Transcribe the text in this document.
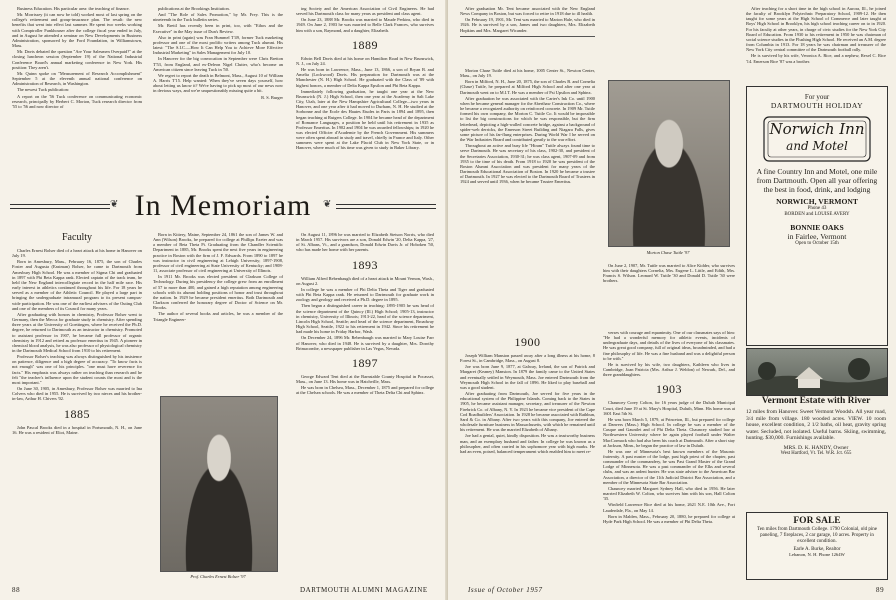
Business Education. His particular area: the teaching of finance.

Mr. Morrissey (it can now be told) worked most of last spring on the college's retirement and group-insurance plan. The result: the new benefits that went into effect last summer. He spent two weeks working with Comptroller Funkhouser after the college fiscal year ended in July, and in August he attended a seminar on New Developments in Business Administration, sponsored by the Ford Foundation, in Williamstown, Mass.

Mr. Davis debated the question "Are Your Salesmen Overpaid?" at the closing luncheon session (September 19) of the National Industrial Conference Board's annual marketing conference in New York. His position: They aren't.

Mr. Quinn spoke on "Measurement of Research Accomplishment" September 5 at the eleventh annual national conference on Administration of Research, in Washington.

The newest Tuck publication:

A report on the '56 Tuck conference on communicating economic research, principally by Herbert C. Morton, Tuck research director from '55 to '56 and now director of

publications at the Brookings Institution.

And "The Role of Sales Promotion," by Mr. Frey. This is the nineteenth in the Tuck bulletin series.

Mr. Brettl has recently been in print, too, with "Ethos and the Executive" in the May issue of Dun's Review.

Also in print (again) was Fran Hummel T'49, former Tuck marketing professor and one of the most prolific writers among Tuck alumni. His latest: "The S.I.C.—How It Can Help You to Achieve More Effective Industrial Marketing" in Sales Management for July 10.

In Hanover for the big convocation in September were Chris Bretton T'53, from England, and ex-Deleon Nigel Clutter, who's become an American citizen since leaving Tuck in '50.

We regret to report the death in Belmont, Mass., August 10 of William A. Harris T'15. Help wanted: When they've seven days yourself, how about letting us know it? We're having to pick up most of our news now in devious ways, and we're unquestionably missing quite a bit.

R. S. Burger

ing Society and the American Association of Civil Engineers. He had served his Dartmouth class for many years as president and class agent.

On June 23, 1888 Mr. Brooks was married to Maude Perkins, who died in 1949. On June 2, 1903 he was married to Belle Clark Frances, who survives him with a son, Raymond, and a daughter, Elizabeth.

1889

Edwin Bell Davis died at his home on Hamilton Road in New Brunswick, N. J., on July 24.

He was born in Lawrence, Mass., June 13, 1866, a son of Bryan B. and Amelia (Lockwood) Davis. His preparation for Dartmouth was at the Manchester (N. H.) High School. He graduated with the Class of '89 with highest honors, a member of Delta Kappa Epsilon and Phi Beta Kappa.

Immediately following graduation, he taught one year at the New Brunswick (N. J.) High School, then one year at the Academy in Salt Lake City, Utah, later at the New Hampshire Agricultural College—two years in Hanover, and one year after it had moved to Durham, N. H. He studied at the Sorbonne and the Ecole des Hautes Etudes in Paris in 1894 and 1895, then began teaching at Rutgers College. In 1904 he became head of the department of Romance Languages, a position he held until his retirement in 1935 as Professor Emeritus. In 1902 and 1904 he was awarded fellowships; in 1920 he was elected Officier d'Academie by the French Government. His summers were often spent abroad in study and travel, chiefly in France and Italy. Other summers were spent at the Lake Placid Club in New York State, or in Hanover, where much of his time was given to study in Baker Library.

❦ In Memoriam	❦
Faculty

Charles Ernest Bolser died of a heart attack at his home in Hanover on July 19.

Born in Amesbury, Mass., February 16, 1875, the son of Charles Foster and Augusta (Eastman) Bolser, he came to Dartmouth from Amesbury High School. He was a member of Sigma Chi and graduated in 1897 with Phi Beta Kappa rank. Elected captain of the track team, he held the New England intercollegiate record in the half mile race. His early interest in athletics continued throughout his life. For 18 years he served as a member of the Athletic Council. He played a large part in bringing the undergraduate intramural program to its present campus-wide participation. He was one of the earliest advisers of the Outing Club and one of the members of its Council for many years.

After graduating with honors in chemistry, Professor Bolser went to Germany, then the Mecca for graduate study in chemistry. After spending three years at the University of Goettingen, where he received the Ph.D. degree, he returned to Dartmouth as an instructor in chemistry. Promoted to assistant professor in 1907, he became full professor of organic chemistry in 1912 and retired as professor emeritus in 1945. A pioneer in chemical blood analysis, he was also professor of physiological chemistry in the Dartmouth Medical School from 1910 to his retirement.

Professor Bolser's teaching was always distinguished by his insistence on patience, diligence and a high degree of accuracy. "To know facts is not enough" was one of his principles. "one must have reverence for facts." His emphasis was always rather on teaching than research and he felt "the teacher's influence upon the student counts the most and is the most important."

On June 30, 1905, in Amesbury, Professor Bolser was married to Ina Colvers who died in 1955. He is survived by two nieces and his brother-in-law, Arthur H. Chivers '02.

1885

John Pascal Brooks died in a hospital in Portsmouth, N. H., on June 16. He was a resident of Eliot, Maine.

Born in Kittery, Maine, September 24, 1861 the son of James W. and Ann (Wilson) Brooks, he prepared for college at Phillips Exeter and was a member of Beta Theta Pi. Graduating from the Chandler Scientific Department in 1885, Mr. Brooks spent the next five years in engineering practice in Boston with the firm of J. F. Edwards. From 1890 to 1897 he was instructor in civil engineering at Lehigh University; 1897-1908, professor of civil engineering at State University of Kentucky; and 1908-11, associate professor of civil engineering at University of Illinois.

In 1911 Mr. Brooks was elected president of Clarkson College of Technology. During his presidency the college grew from an enrollment of 57 to more than 400, and gained a high reputation among engineering schools with its alumni holding positions of honor and trust throughout the nation. In 1929 he became president emeritus. Both Dartmouth and Clarkson conferred the honorary degree of Doctor of Science on Mr. Brooks.

The author of several books and articles, he was a member of the Triangle Engineer-

Prof. Charles Ernest Bolser '97

On August 11, 1896 he was married to Elizabeth Stetson Norris, who died in March 1957. His survivors are a son, Donald Edwin '20, Delta Kappa, '27, of St. Albans, Vt., and a grandson, Donald Edwin Davis Jr. of Hoboken '50, who has made her home with her parents.

1893

William Alfred Rebenbaugh died of a heart attack in Mount Vernon, Wash., on August 2.

In college he was a member of Phi Delta Theta and Tiger and graduated with Phi Beta Kappa rank. He returned to Dartmouth for graduate work in zoology and geology and received a Ph.D. degree in 1895.

Then began a distinguished career in teaching: 1895-1905 he was head of the science department of the Quincy (Ill.) High School; 1905-13, instructor in chemistry, University of Illinois; 1913-22, head of the science department, Lincoln High School, Seattle; and head of the science department, Broadway High School, Seattle, 1922 to his retirement in 1942. Since his retirement he had made his home in Friday Harbor, Wash.

On December 24, 1896 Mr. Rebenbaugh was married to Mary Louise Farr of Hanover, who died in 1948. He is survived by a daughter, Mrs. Dorothy Brimacombe, a newspaper publisher in Las Vegas, Nevada.

1897

George Edward Tent died at the Barnstable County Hospital in Pocasset, Mass., on June 13. His home was in Hatchville, Mass.

He was born in Chelsea, Mass., December 1, 1875 and prepared for college at the Chelsea schools. He was a member of Theta Delta Chi and Sphinx.

88	DARTMOUTH ALUMNI MAGAZINE

After graduation Mr. Tent became associated with the New England News Company in Boston, but was forced to retire in 1918 due to ill health.

On February 19, 1901, Mr. Tent was married to Marion Hale, who died in 1926. He is survived by a son, James and two daughters, Mrs. Elizabeth Hopkins and Mrs. Margaret Wicander.

Morton Chase Tuttle died at his home, 1005 Center St., Newton Center, Mass., on July 19.

Born in Milford, N. H., June 20, 1875, the son of Charles B. and Cornelia (Chase) Tuttle, he prepared at Milford High School and after one year at Dartmouth went on to M.I.T. He was a member of Psi Upsilon and Sphinx.

After graduation he was associated with the Carter's Ink Co. until 1900 when he became general manager for the Aberthaw Construction Co., where he became a recognized authority on reinforced concrete. In 1909 Mr. Tuttle formed his own company, the Morton C. Tuttle Co. It would be impossible to list the big constructions for which he was responsible, but the firm letterhead, depicting a high-walled concrete bridge, against a background of spider-web derricks, the Emerson Street Building and Niagara Falls, gives some picture of his far-flung enterprises. During World War I he served on the War Industries Board and contributed greatly to the war effort.

Throughout an active and busy life "Hiram" Tuttle always found time to serve Dartmouth. He was secretary of his class, 1902-30, and president of the Secretaries Association, 1930-31; he was class agent, 1907-09 and from 1935 to the time of his death. From 1918 to 1920 he was president of the Boston Alumni Association and was president for many years of the Dartmouth Educational Association of Boston. In 1920 he became a trustee of Dartmouth. In 1927 he was elected to the Dartmouth Board of Trustees in 1924 and served until 1936, when he became Trustee Emeritus.

Morton Chase Tuttle '97

On June 2, 1907, Mr. Tuttle was married to Alice Kidder, who survives him with their daughters Cornelia, Mrs. Eugene L. Little, and Edith, Mrs. Francis S. Wilson. Leonard W. Tuttle '30 and Donald D. Tuttle '30 were brothers.

1900

Joseph William Mansion passed away after a long illness at his home, 8 Forest St., in Cambridge, Mass., on August 8.

Joe was born June 9, 1877, at Galway, Ireland, the son of Patrick and Margaret (Keaney) Mansion. In 1879 the family came to the United States and eventually settled in Weymouth, Mass. Joe entered Dartmouth from the Weymouth High School in the fall of 1896. He liked to play baseball and was a good student.

After graduating from Dartmouth, Joe served for five years in the educational system of the Philippine Islands. Coming back to the States in 1905, he became assistant manager, secretary, and treasurer of the Newton Firebrick Co. of Albany, N. Y. In 1923 he became vice president of the Cape Cod Roadbuilders' Association. In 1928 he became associated with Rathbun, Sard & Co. in Albany. After two years with this company, Joe entered the wholesale furniture business in Massachusetts, with which he remained until his retirement. He was the married Elizabeth of Albany.

Joe had a genial, quiet, kindly disposition. He was a trustworthy business man, and an exemplary husband and father. In college he was known as a philosopher, and often carried in his sophomore year with high marks. He had an even, poised, balanced temperament which enabled him to meet re-

verses with courage and equanimity. One of our classmates says of him: "He had a wonderful memory for athletic events, incidents of undergraduate days, and details of the lives of everyone of his classmates. He was great good company, full of original ideas, broadminded, and had a fine philosophy of life. He was a fine husband and was a delightful person to be with."

He is survived by his wife, two daughters, Kathleen who lives in Cambridge, Joan Patricia (Mrs. Arthur J. Weldon) of Newark, Del., and three granddaughters.

1903

Chauncey Corey Colton, for 16 years judge of the Duluth Municipal Court, died June 19 at St. Mary's Hospital, Duluth, Minn. His home was at 1601 East 5th St.

He was born March 5, 1879, at Princeton, Ill., but prepared for college at Danvers (Mass.) High School. In college he was a member of the Casque and Gauntlet and of Phi Delta Theta. Chauncey studied law at Northwestern University where he again played football under Walter MacCormack who had also been his coach at Dartmouth. After a short stay at Jackson, Minn., he began the practice of law in Duluth.

He was one of Minnesota's best known members of the Masonic fraternity. A past master of the lodge, past high priest of the chapter, past commander of the commandery, he was Past Grand Master of the Grand Lodge of Minnesota. He was a past commander of the Elks and several clubs, and was an ardent hunter. He was state adviser to the American Bar Association, a director of the 11th Judicial District Bar Association, and a member of the Minnesota State Bar Association.

Chauncey married Margaret Sydney Hall, who died in 1956. He later married Elizabeth W. Colton, who survives him with his son, Hall Colton '35.

Winfield Lawrence Rice died at his home, 2621 N.E. 10th Ave., Fort Lauderdale, Fla., on May 14.

Born in Malden, Mass., February 20, 1880, he prepared for college at Hyde Park High School. He was a member of Phi Delta Theta.

After teaching for a short time in the high school in Aurora, Ill., he joined the faculty of Brooklyn Polytechnic Preparatory School, 1909-12. He then taught for some years at the High School of Commerce and later taught at Boys' High School in Brooklyn, his high school teaching career on to in 1920. For his faculty at other years, in charge of civic studies for the New York City Board of Education. From 1930 to his retirement in 1950 he was chairman of social science studies in the Flushing High School. He received an A.M. degree from Columbia in 1913. For 18 years he was chairman and treasurer of the New York City central committee of the Dartmouth football rally.

He is survived by his wife, Veronica A. Rice, and a nephew, Rexel C. Rice '14. Emerson Rice '87 was a brother.

For your
DARTMOUTH HOLIDAY
Norwich Inn
and Motel
A fine Country Inn and Motel, one mile from Dartmouth. Open all year offering the best in food, drink, and lodging
NORWICH, VERMONT
Phone 43
BORDEN and LOUISE AVERY
BONNIE OAKS
in Fairlee, Vermont
Open to October 15th
Vermont Estate with River
12 miles from Hanover. Sweet Vermont Woodsh. All year road, 3/4 mile from village. 180 wooded acres. VIEW. 10 room house, excellent condition, 2 1/2 baths, oil heat, gravity spring water. Secluded, not isolated. Useful barns. Skiing, swimming, hunting. $30,000. Furnishings available.
MRS. D. K. HANDY, Owner
West Hartford, Vt. Tel. W.R. Jct. 655
FOR SALE
Ten miles from Dartmouth College. 1790 Colonial, old pine paneling, 7 fireplaces, 2 car garage, 10 acres. Property in excellent condition.
Earle A. Burke, Realtor
Lebanon, N. H. Phone 1264W
Issue of October 1957	89
